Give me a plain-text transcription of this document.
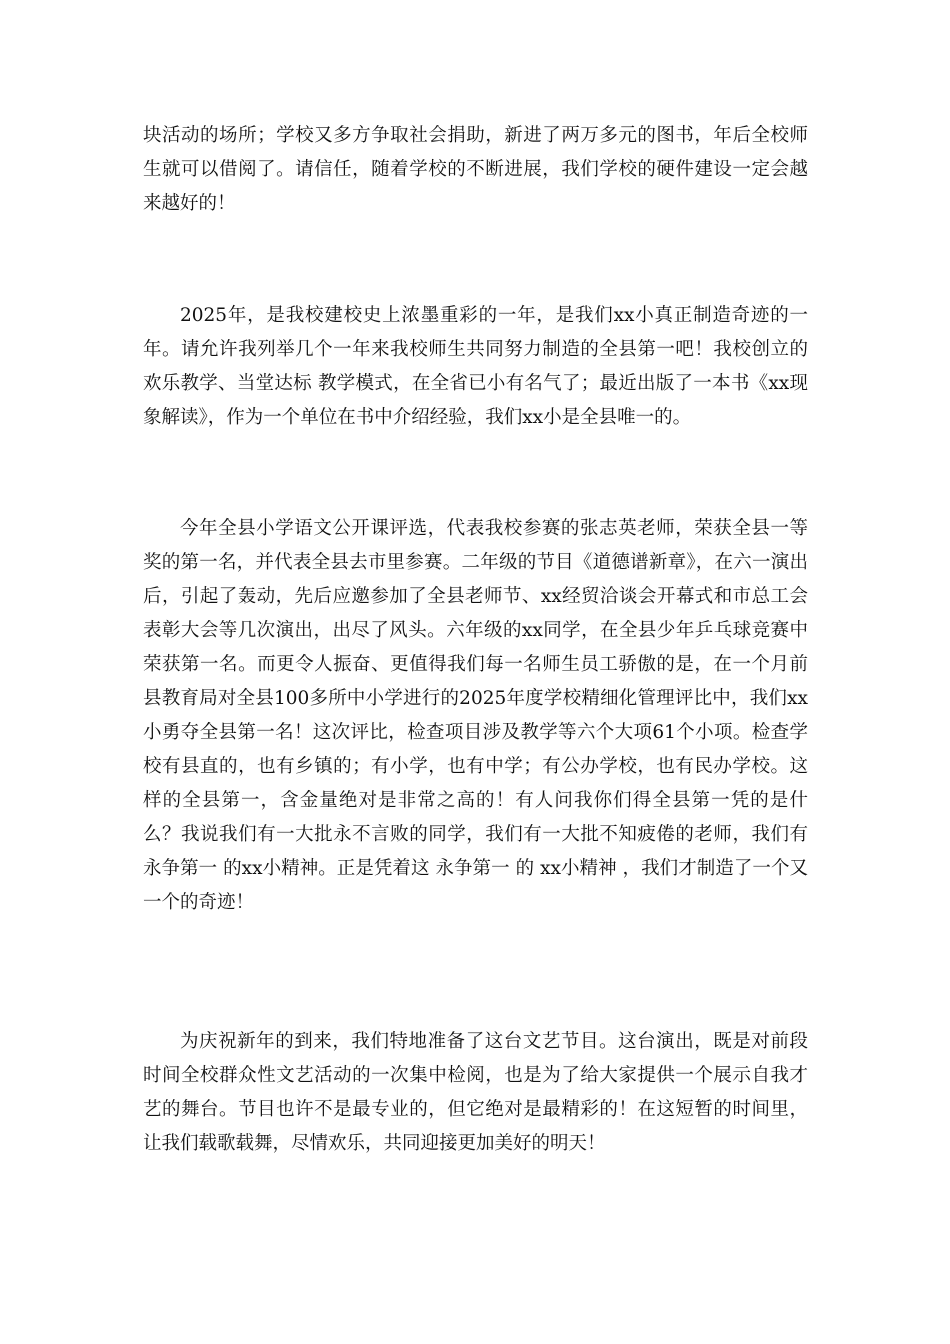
块活动的场所；学校又多方争取社会捐助，新进了两万多元的图书，年后全校师生就可以借阅了。请信任，随着学校的不断进展，我们学校的硬件建设一定会越来越好的！

2025年，是我校建校史上浓墨重彩的一年，是我们xx小真正制造奇迹的一年。请允许我列举几个一年来我校师生共同努力制造的全县第一吧！我校创立的 欢乐教学、当堂达标 教学模式，在全省已小有名气了；最近出版了一本书《xx现象解读》，作为一个单位在书中介绍经验，我们xx小是全县唯一的。

今年全县小学语文公开课评选，代表我校参赛的张志英老师，荣获全县一等奖的第一名，并代表全县去市里参赛。二年级的节目《道德谱新章》，在六一演出后，引起了轰动，先后应邀参加了全县老师节、xx经贸洽谈会开幕式和市总工会表彰大会等几次演出，出尽了风头。六年级的xx同学，在全县少年乒乓球竞赛中荣获第一名。而更令人振奋、更值得我们每一名师生员工骄傲的是，在一个月前县教育局对全县100多所中小学进行的2025年度学校精细化管理评比中，我们xx小勇夺全县第一名！这次评比，检查项目涉及教学等六个大项61个小项。检查学校有县直的，也有乡镇的；有小学，也有中学；有公办学校，也有民办学校。这样的全县第一，含金量绝对是非常之高的！有人问我你们得全县第一凭的是什么？我说我们有一大批永不言败的同学，我们有一大批不知疲倦的老师，我们有 永争第一 的xx小精神。正是凭着这 永争第一 的 xx小精神 ，我们才制造了一个又一个的奇迹！

为庆祝新年的到来，我们特地准备了这台文艺节目。这台演出，既是对前段时间全校群众性文艺活动的一次集中检阅，也是为了给大家提供一个展示自我才艺的舞台。节目也许不是最专业的，但它绝对是最精彩的！在这短暂的时间里，让我们载歌载舞，尽情欢乐，共同迎接更加美好的明天！
